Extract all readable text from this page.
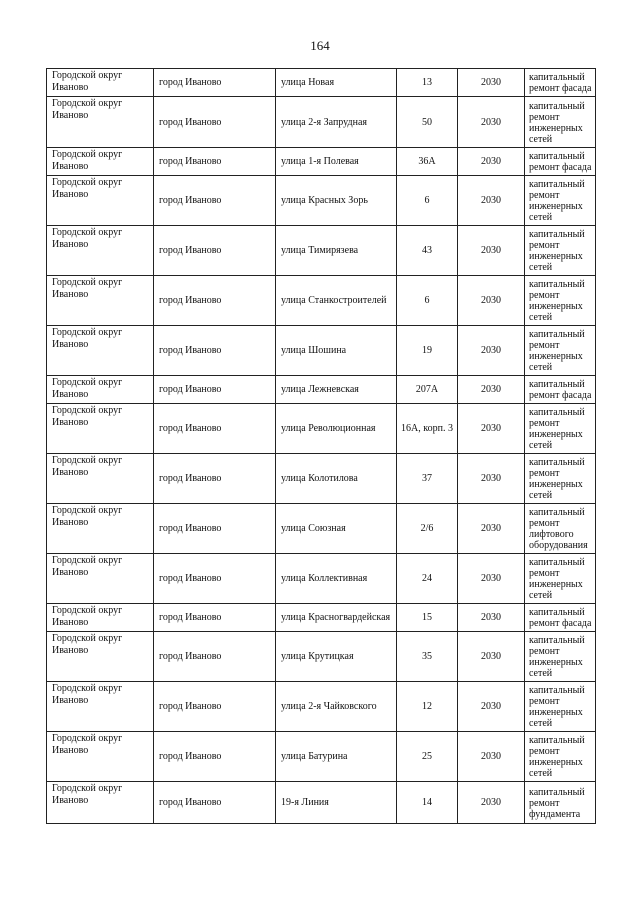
164
Городской округ Иваново	город Иваново	улица Новая	13	2030	капитальный ремонт фасада
Городской округ Иваново	город Иваново	улица 2-я Запрудная	50	2030	капитальный ремонт инженерных сетей
Городской округ Иваново	город Иваново	улица 1-я Полевая	36А	2030	капитальный ремонт фасада
Городской округ Иваново	город Иваново	улица Красных Зорь	6	2030	капитальный ремонт инженерных сетей
Городской округ Иваново	город Иваново	улица Тимирязева	43	2030	капитальный ремонт инженерных сетей
Городской округ Иваново	город Иваново	улица Станкостроителей	6	2030	капитальный ремонт инженерных сетей
Городской округ Иваново	город Иваново	улица Шошина	19	2030	капитальный ремонт инженерных сетей
Городской округ Иваново	город Иваново	улица Лежневская	207А	2030	капитальный ремонт фасада
Городской округ Иваново	город Иваново	улица Революционная	16А, корп. 3	2030	капитальный ремонт инженерных сетей
Городской округ Иваново	город Иваново	улица Колотилова	37	2030	капитальный ремонт инженерных сетей
Городской округ Иваново	город Иваново	улица Союзная	2/6	2030	капитальный ремонт лифтового оборудования
Городской округ Иваново	город Иваново	улица Коллективная	24	2030	капитальный ремонт инженерных сетей
Городской округ Иваново	город Иваново	улица Красногвардейская	15	2030	капитальный ремонт фасада
Городской округ Иваново	город Иваново	улица Крутицкая	35	2030	капитальный ремонт инженерных сетей
Городской округ Иваново	город Иваново	улица 2-я Чайковского	12	2030	капитальный ремонт инженерных сетей
Городской округ Иваново	город Иваново	улица Батурина	25	2030	капитальный ремонт инженерных сетей
Городской округ Иваново	город Иваново	19-я Линия	14	2030	капитальный ремонт фундамента
